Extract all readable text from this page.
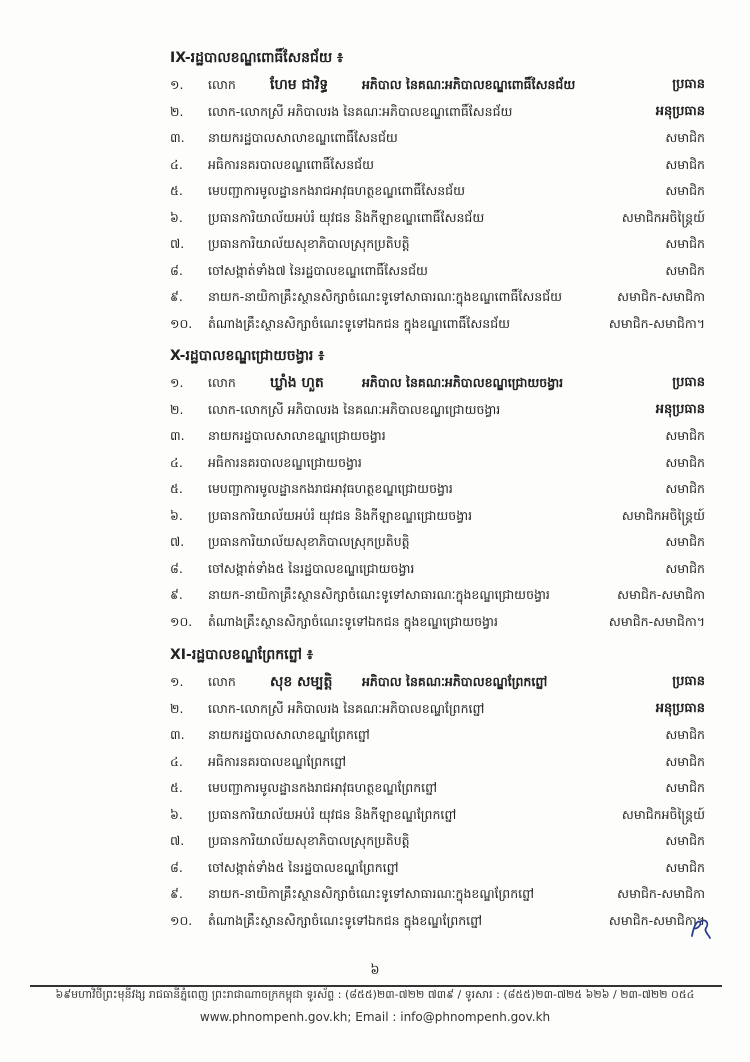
IX-រដ្ឋបាលខណ្ឌពោធិ៍សែនជ័យ ៖
១. លោក ហែម ជាវិទ្ធ	អភិបាល នៃគណៈអភិបាលខណ្ឌពោធិ៍សែនជ័យ	ប្រធាន
២. លោក-លោកស្រី អភិបាលរង នៃគណៈអភិបាលខណ្ឌពោធិ៍សែនជ័យ	អនុប្រធាន
៣. នាយករដ្ឋបាលសាលាខណ្ឌពោធិ៍សែនជ័យ	សមាជិក
៤. អធិការនគរបាលខណ្ឌពោធិ៍សែនជ័យ	សមាជិក
៥. មេបញ្ជាការមូលដ្ឋានកងរាជអាវុធហត្ថខណ្ឌពោធិ៍សែនជ័យ	សមាជិក
៦. ប្រធានការិយាល័យអប់រំ យុវជន និងកីឡាខណ្ឌពោធិ៍សែនជ័យ	សមាជិកអចិន្ត្រៃយ៍
៧. ប្រធានការិយាល័យសុខាភិបាលស្រុកប្រតិបត្តិ	សមាជិក
៨. ចៅសង្កាត់ទាំង៧ នៃរដ្ឋបាលខណ្ឌពោធិ៍សែនជ័យ	សមាជិក
៩. នាយក-នាយិកាគ្រឹះស្ថានសិក្សាចំណេះទូទៅសាធារណៈក្នុងខណ្ឌពោធិ៍សែនជ័យ	សមាជិក-សមាជិកា
១០. តំណាងគ្រឹះស្ថានសិក្សាចំណេះទូទៅឯកជន ក្នុងខណ្ឌពោធិ៍សែនជ័យ	សមាជិក-សមាជិកា។
X-រដ្ឋបាលខណ្ឌជ្រោយចង្វារ ៖
១. លោក ឃ្លាំង ហួត	អភិបាល នៃគណៈអភិបាលខណ្ឌជ្រោយចង្វារ	ប្រធាន
២. លោក-លោកស្រី អភិបាលរង នៃគណៈអភិបាលខណ្ឌជ្រោយចង្វារ	អនុប្រធាន
៣. នាយករដ្ឋបាលសាលាខណ្ឌជ្រោយចង្វារ	សមាជិក
៤. អធិការនគរបាលខណ្ឌជ្រោយចង្វារ	សមាជិក
៥. មេបញ្ជាការមូលដ្ឋានកងរាជអាវុធហត្ថខណ្ឌជ្រោយចង្វារ	សមាជិក
៦. ប្រធានការិយាល័យអប់រំ យុវជន និងកីឡាខណ្ឌជ្រោយចង្វារ	សមាជិកអចិន្ត្រៃយ៍
៧. ប្រធានការិយាល័យសុខាភិបាលស្រុកប្រតិបត្តិ	សមាជិក
៨. ចៅសង្កាត់ទាំង៥ នៃរដ្ឋបាលខណ្ឌជ្រោយចង្វារ	សមាជិក
៩. នាយក-នាយិកាគ្រឹះស្ថានសិក្សាចំណេះទូទៅសាធារណៈក្នុងខណ្ឌជ្រោយចង្វារ	សមាជិក-សមាជិកា
១០. តំណាងគ្រឹះស្ថានសិក្សាចំណេះទូទៅឯកជន ក្នុងខណ្ឌជ្រោយចង្វារ	សមាជិក-សមាជិកា។
XI-រដ្ឋបាលខណ្ឌព្រែកព្នៅ ៖
១. លោក សុខ សម្បត្តិ អភិបាល នៃគណៈអភិបាលខណ្ឌព្រែកព្នៅ	ប្រធាន
២. លោក-លោកស្រី អភិបាលរង នៃគណៈអភិបាលខណ្ឌព្រែកព្នៅ	អនុប្រធាន
៣. នាយករដ្ឋបាលសាលាខណ្ឌព្រែកព្នៅ	សមាជិក
៤. អធិការនគរបាលខណ្ឌព្រែកព្នៅ	សមាជិក
៥. មេបញ្ជាការមូលដ្ឋានកងរាជអាវុធហត្ថខណ្ឌព្រែកព្នៅ	សមាជិក
៦. ប្រធានការិយាល័យអប់រំ យុវជន និងកីឡាខណ្ឌព្រែកព្នៅ	សមាជិកអចិន្ត្រៃយ៍
៧. ប្រធានការិយាល័យសុខាភិបាលស្រុកប្រតិបត្តិ	សមាជិក
៨. ចៅសង្កាត់ទាំង៥ នៃរដ្ឋបាលខណ្ឌព្រែកព្នៅ	សមាជិក
៩. នាយក-នាយិកាគ្រឹះស្ថានសិក្សាចំណេះទូទៅសាធារណៈក្នុងខណ្ឌព្រែកព្នៅ	សមាជិក-សមាជិកា
១០. តំណាងគ្រឹះស្ថានសិក្សាចំណេះទូទៅឯកជន ក្នុងខណ្ឌព្រែកព្នៅ	សមាជិក-សមាជិកា។
៦
៦៩មហាវិថីព្រះមុនីវង្ស រាជធានីភ្នំពេញ ព្រះរាជាណាចក្រកម្ពុជា ទូរស័ព្ទ : (៨៥៥)២៣-៧២២ ៧៣៩ / ទូរសារ : (៨៥៥)២៣-៧២៥ ៦២៦ / ២៣-៧២២ ០៥៤
www.phnompenh.gov.kh; Email : info@phnompenh.gov.kh
